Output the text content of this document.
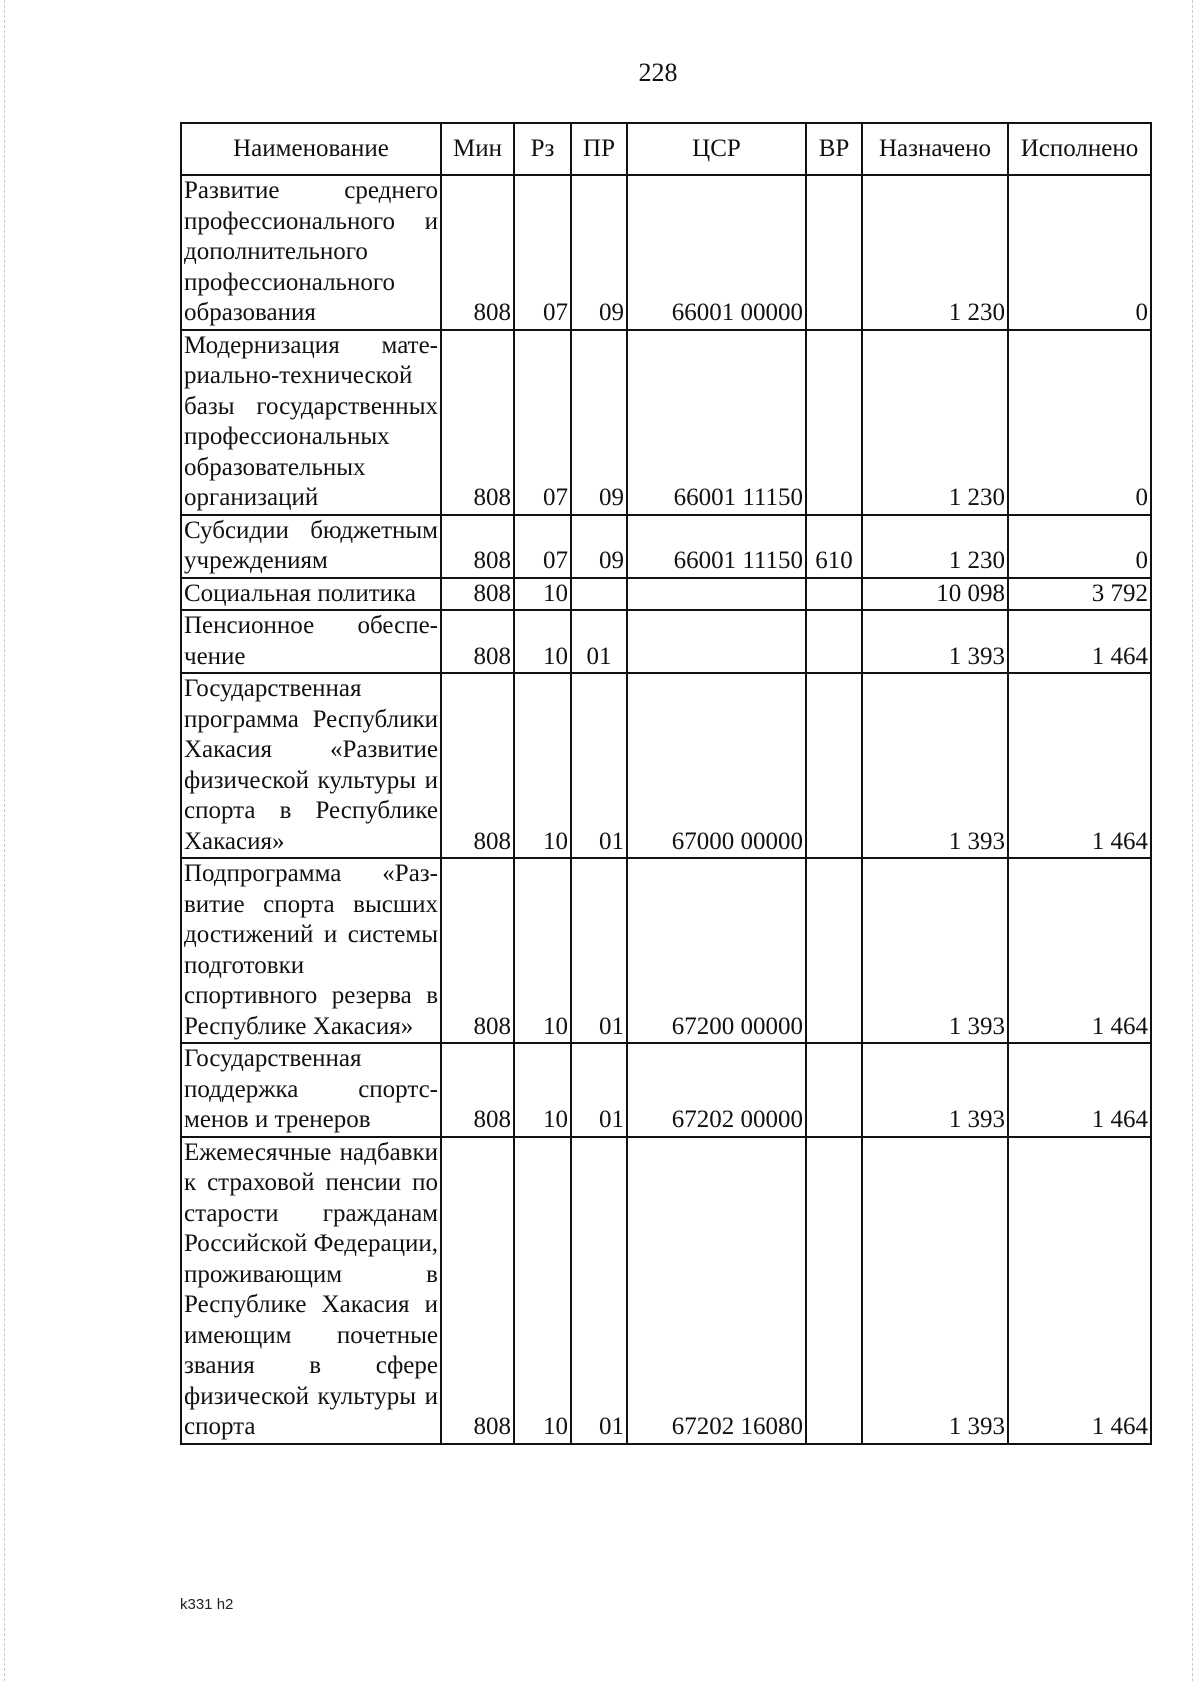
228
Наименование	Мин	Рз	ПР	ЦСР	ВР	Назначено	Исполнено
Развитие среднего профессионального и дополнительного профессионального образования	808	07	09	66001 00000		1 230	0
Модернизация материально-технической базы государственных профессиональных образовательных организаций	808	07	09	66001 11150		1 230	0
Субсидии бюджетным учреждениям	808	07	09	66001 11150	610	1 230	0
Социальная политика	808	10				10 098	3 792
Пенсионное обеспечение	808	10	01			1 393	1 464
Государственная программа Республики Хакасия «Развитие физической культуры и спорта в Республике Хакасия»	808	10	01	67000 00000		1 393	1 464
Подпрограмма «Развитие спорта высших достижений и системы подготовки спортивного резерва в Республике Хакасия»	808	10	01	67200 00000		1 393	1 464
Государственная поддержка спортсменов и тренеров	808	10	01	67202 00000		1 393	1 464
Ежемесячные надбавки к страховой пенсии по старости гражданам Российской Федерации, проживающим в Республике Хакасия и имеющим почетные звания в сфере физической культуры и спорта	808	10	01	67202 16080		1 393	1 464
k331 h2
